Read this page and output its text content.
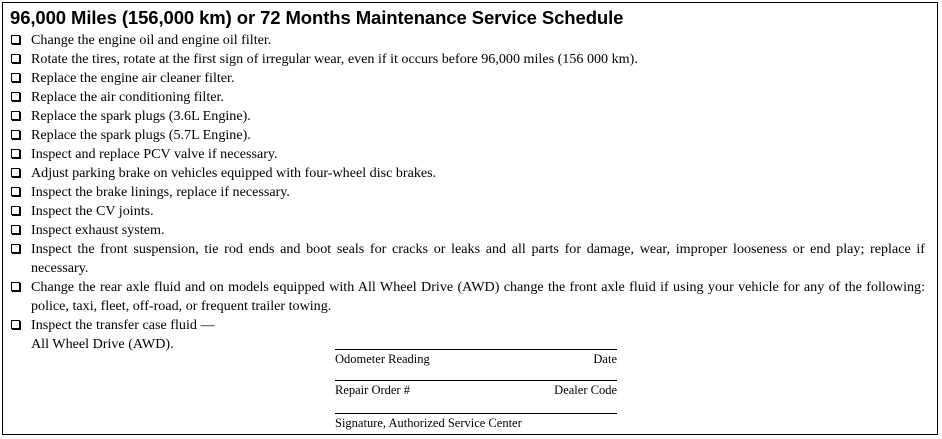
96,000 Miles (156,000 km) or 72 Months Maintenance Service Schedule
Change the engine oil and engine oil filter.
Rotate the tires, rotate at the first sign of irregular wear, even if it occurs before 96,000 miles (156 000 km).
Replace the engine air cleaner filter.
Replace the air conditioning filter.
Replace the spark plugs (3.6L Engine).
Replace the spark plugs (5.7L Engine).
Inspect and replace PCV valve if necessary.
Adjust parking brake on vehicles equipped with four-wheel disc brakes.
Inspect the brake linings, replace if necessary.
Inspect the CV joints.
Inspect exhaust system.
Inspect the front suspension, tie rod ends and boot seals for cracks or leaks and all parts for damage, wear, improper looseness or end play; replace if necessary.
Change the rear axle fluid and on models equipped with All Wheel Drive (AWD) change the front axle fluid if using your vehicle for any of the following: police, taxi, fleet, off-road, or frequent trailer towing.
Inspect the transfer case fluid —
All Wheel Drive (AWD).
Odometer Reading	Date
Repair Order #	Dealer Code
Signature, Authorized Service Center
